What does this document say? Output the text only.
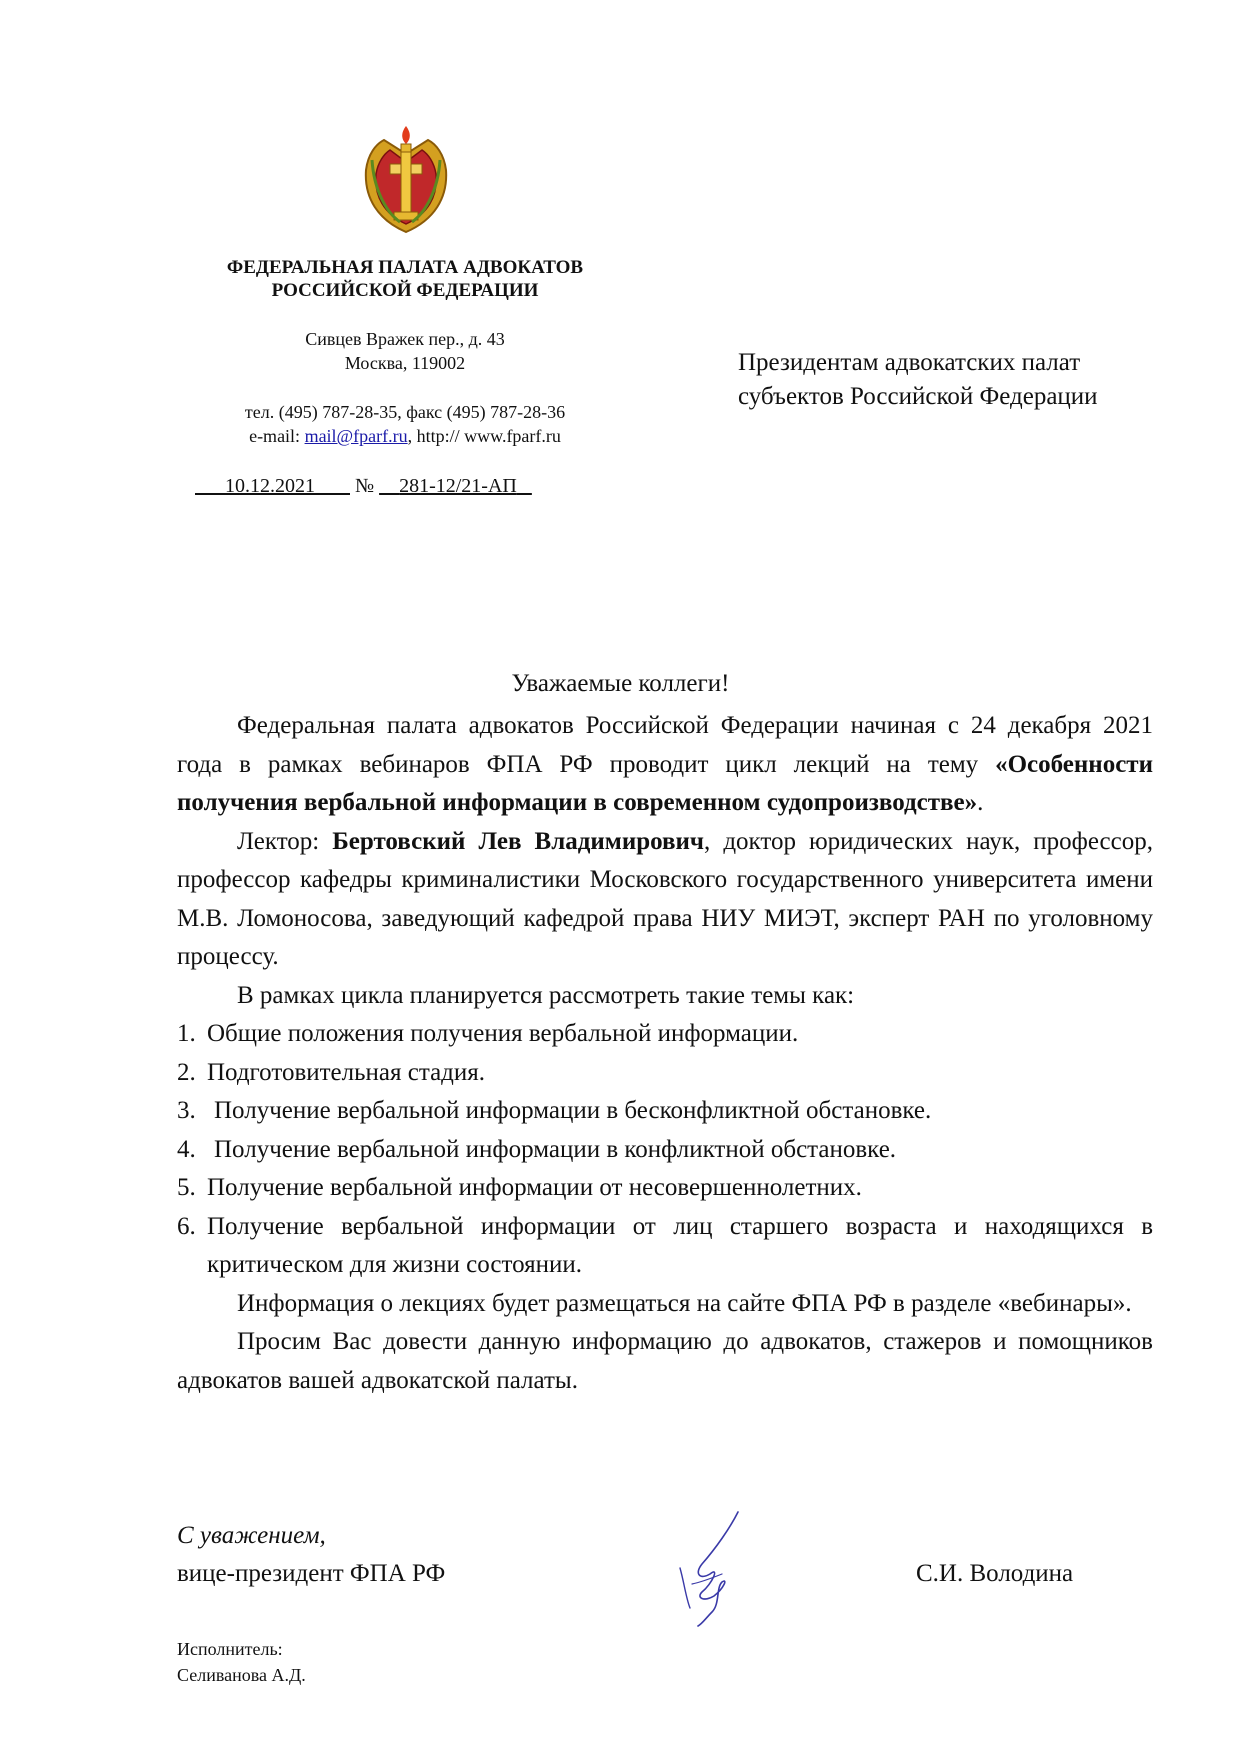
ФЕДЕРАЛЬНАЯ ПАЛАТА АДВОКАТОВ
РОССИЙСКОЙ ФЕДЕРАЦИИ
Сивцев Вражек пер., д. 43
Москва, 119002
тел. (495) 787-28-35, факс (495) 787-28-36
e-mail: mail@fparf.ru, http:// www.fparf.ru
10.12.2021 № 281-12/21-АП
Президентам адвокатских палат
субъектов Российской Федерации
Уважаемые коллеги!

Федеральная палата адвокатов Российской Федерации начиная с 24 декабря 2021 года в рамках вебинаров ФПА РФ проводит цикл лекций на тему «Особенности получения вербальной информации в современном судопроизводстве».

Лектор: Бертовский Лев Владимирович, доктор юридических наук, профессор, профессор кафедры криминалистики Московского государственного университета имени М.В. Ломоносова, заведующий кафедрой права НИУ МИЭТ, эксперт РАН по уголовному процессу.

В рамках цикла планируется рассмотреть такие темы как:

1. Общие положения получения вербальной информации.
2. Подготовительная стадия.
3. Получение вербальной информации в бесконфликтной обстановке.
4. Получение вербальной информации в конфликтной обстановке.
5. Получение вербальной информации от несовершеннолетних.
6. Получение вербальной информации от лиц старшего возраста и находящихся в критическом для жизни состоянии.

Информация о лекциях будет размещаться на сайте ФПА РФ в разделе «вебинары».

Просим Вас довести данную информацию до адвокатов, стажеров и помощников адвокатов вашей адвокатской палаты.

С уважением,
вице-президент ФПА РФ	С.И. Володина
Исполнитель:
Селиванова А.Д.
